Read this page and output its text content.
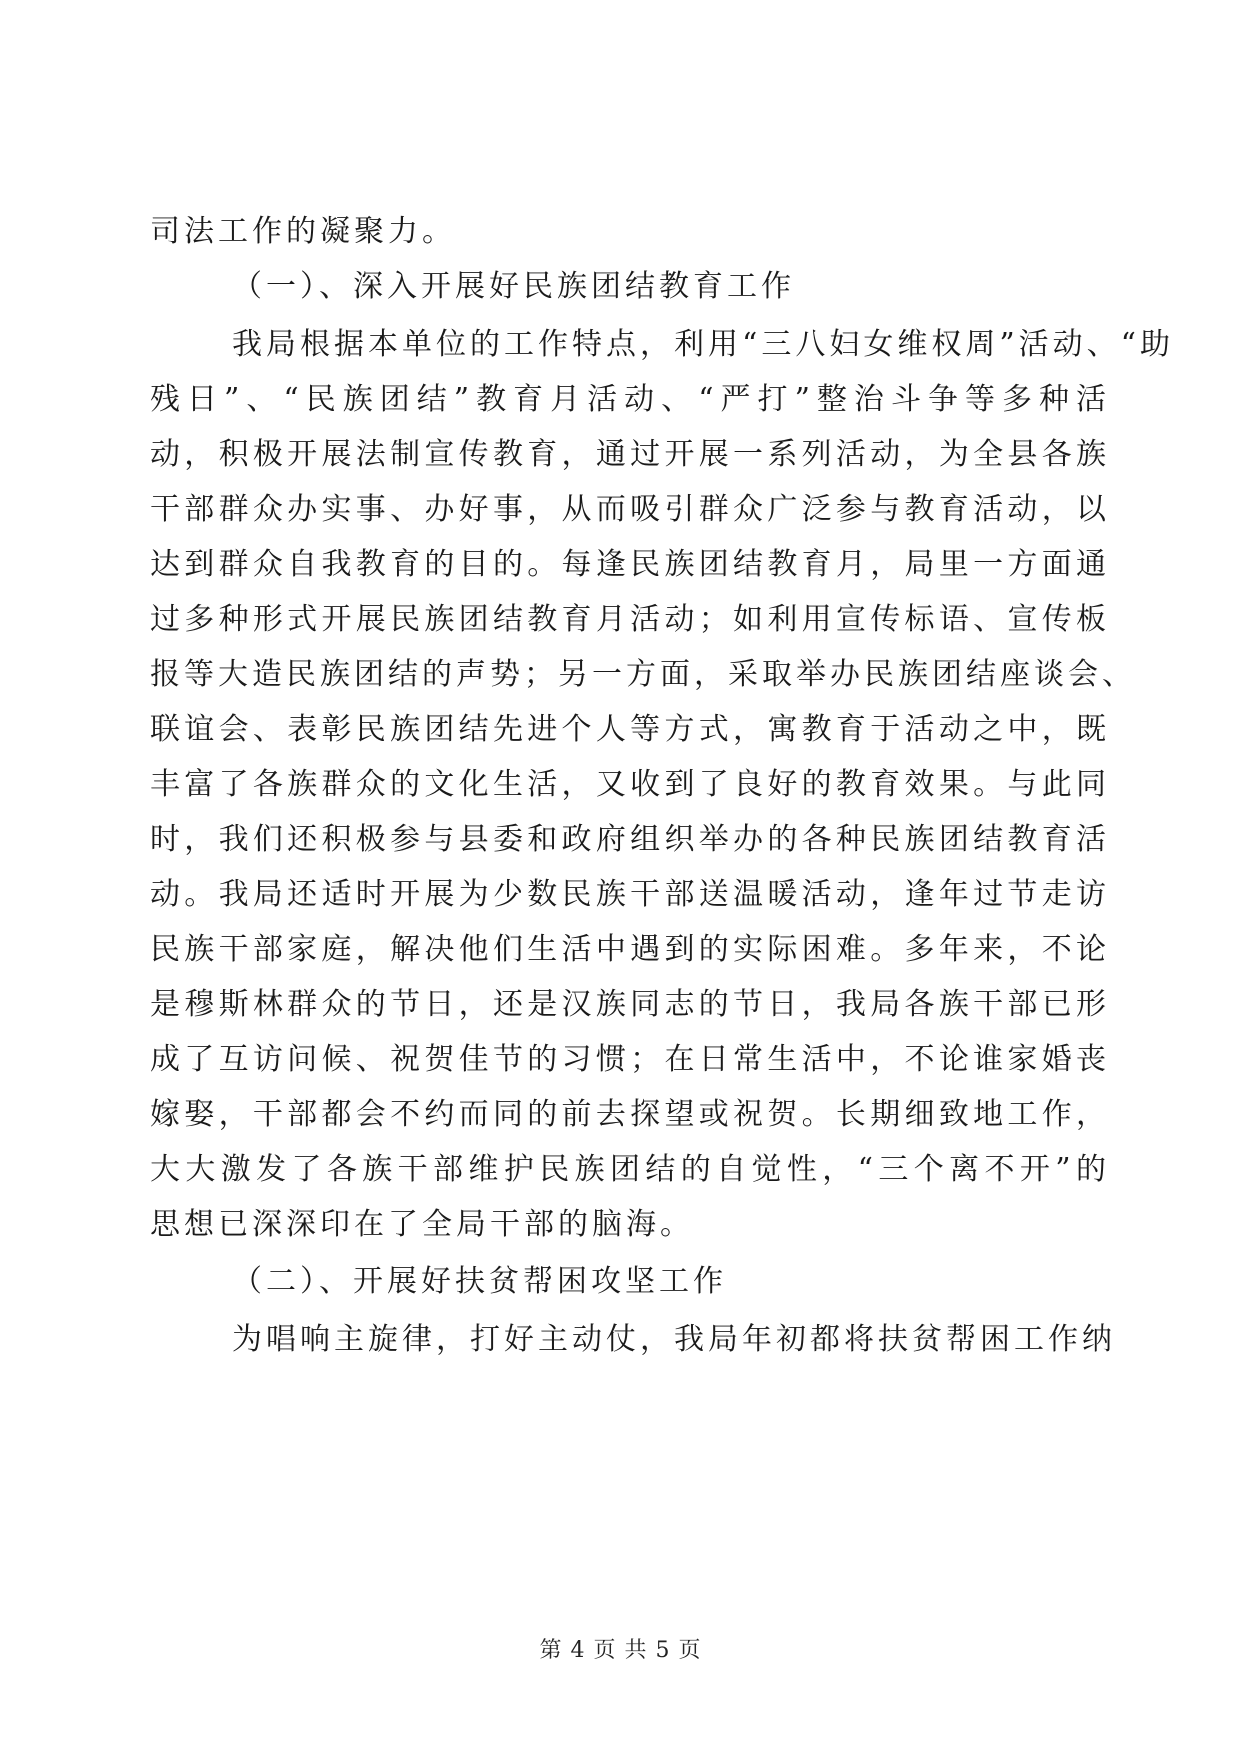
司法工作的凝聚力。
（一）、深入开展好民族团结教育工作
我局根据本单位的工作特点，利用“三八妇女维权周”活动、“助
残日”、“民族团结”教育月活动、“严打”整治斗争等多种活
动，积极开展法制宣传教育，通过开展一系列活动，为全县各族
干部群众办实事、办好事，从而吸引群众广泛参与教育活动，以
达到群众自我教育的目的。每逢民族团结教育月，局里一方面通
过多种形式开展民族团结教育月活动；如利用宣传标语、宣传板
报等大造民族团结的声势；另一方面，采取举办民族团结座谈会、
联谊会、表彰民族团结先进个人等方式，寓教育于活动之中，既
丰富了各族群众的文化生活，又收到了良好的教育效果。与此同
时，我们还积极参与县委和政府组织举办的各种民族团结教育活
动。我局还适时开展为少数民族干部送温暖活动，逢年过节走访
民族干部家庭，解决他们生活中遇到的实际困难。多年来，不论
是穆斯林群众的节日，还是汉族同志的节日，我局各族干部已形
成了互访问候、祝贺佳节的习惯；在日常生活中，不论谁家婚丧
嫁娶，干部都会不约而同的前去探望或祝贺。长期细致地工作，
大大激发了各族干部维护民族团结的自觉性，“三个离不开”的
思想已深深印在了全局干部的脑海。
（二）、开展好扶贫帮困攻坚工作
为唱响主旋律，打好主动仗，我局年初都将扶贫帮困工作纳
第 4 页 共 5 页
